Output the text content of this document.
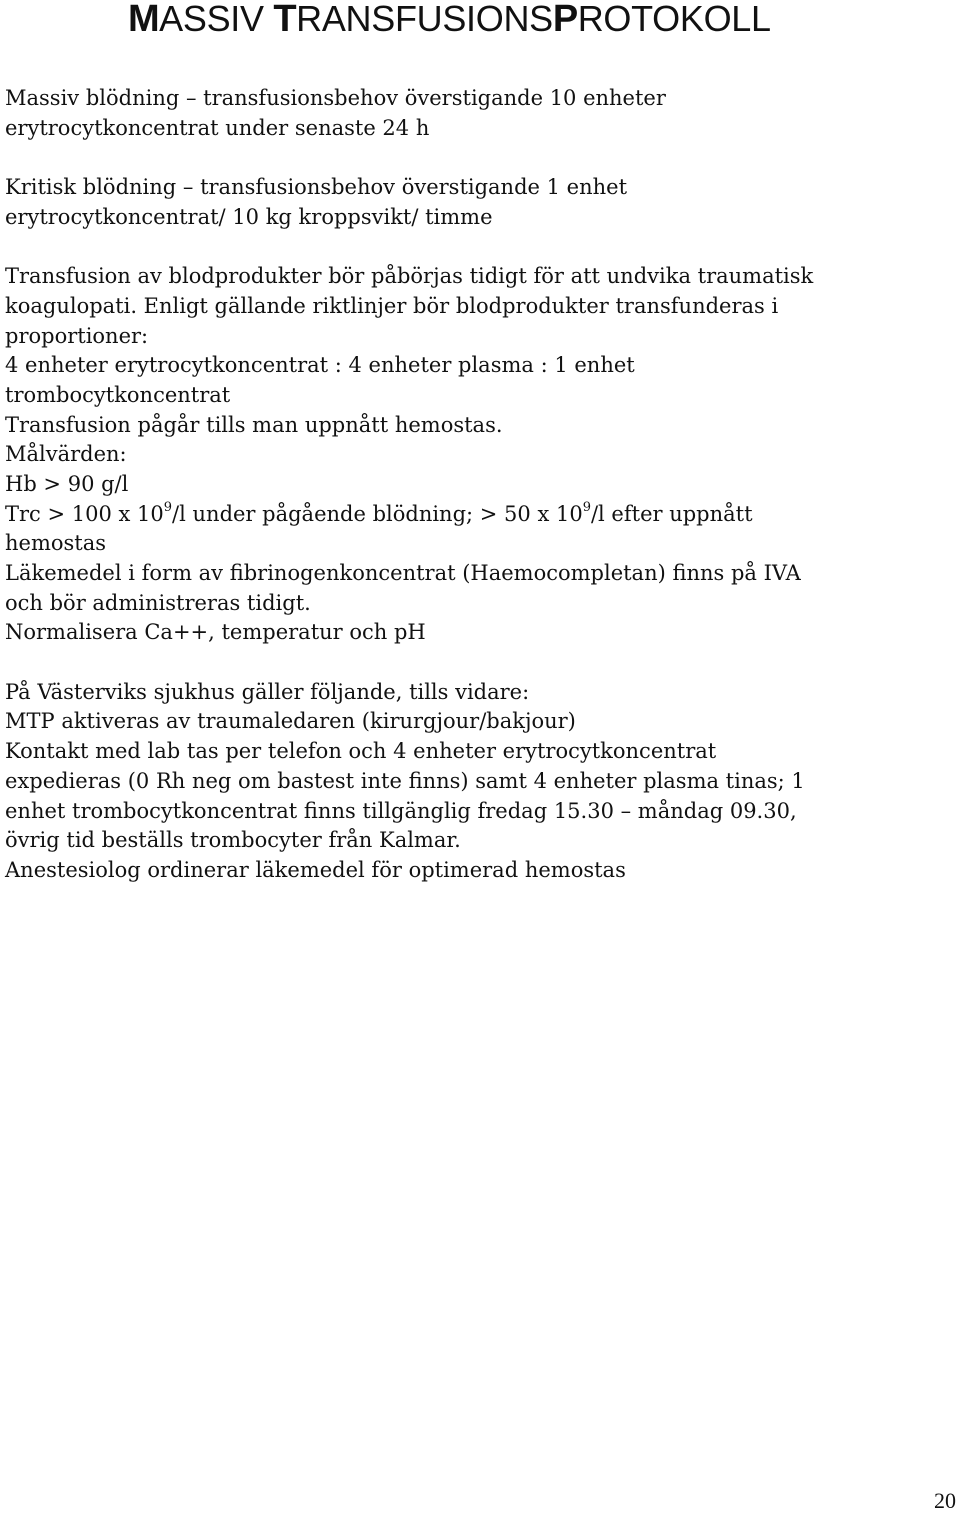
MASSIV TRANSFUSIONSPROTOKOLL
Massiv blödning – transfusionsbehov överstigande 10 enheter
erytrocytkoncentrat under senaste 24 h
Kritisk blödning – transfusionsbehov överstigande 1 enhet
erytrocytkoncentrat/ 10 kg kroppsvikt/ timme
Transfusion av blodprodukter bör påbörjas tidigt för att undvika traumatisk
koagulopati. Enligt gällande riktlinjer bör blodprodukter transfunderas i
proportioner:
4 enheter erytrocytkoncentrat : 4 enheter plasma : 1 enhet
trombocytkoncentrat
Transfusion pågår tills man uppnått hemostas.
Målvärden:
Hb > 90 g/l
Trc > 100 x $10^9/l$ under pågående blödning; > 50 x $10^9/l$ efter uppnått
hemostas
Läkemedel i form av fibrinogenkoncentrat (Haemocompletan) finns på IVA
och bör administreras tidigt.
Normalisera Ca++, temperatur och pH
På Västerviks sjukhus gäller följande, tills vidare:
MTP aktiveras av traumaledaren (kirurgjour/bakjour)
Kontakt med lab tas per telefon och 4 enheter erytrocytkoncentrat
expedieras (0 Rh neg om bastest inte finns) samt 4 enheter plasma tinas; 1
enhet trombocytkoncentrat finns tillgänglig fredag 15.30 – måndag 09.30,
övrig tid beställs trombocyter från Kalmar.
Anestesiolog ordinerar läkemedel för optimerad hemostas
20
